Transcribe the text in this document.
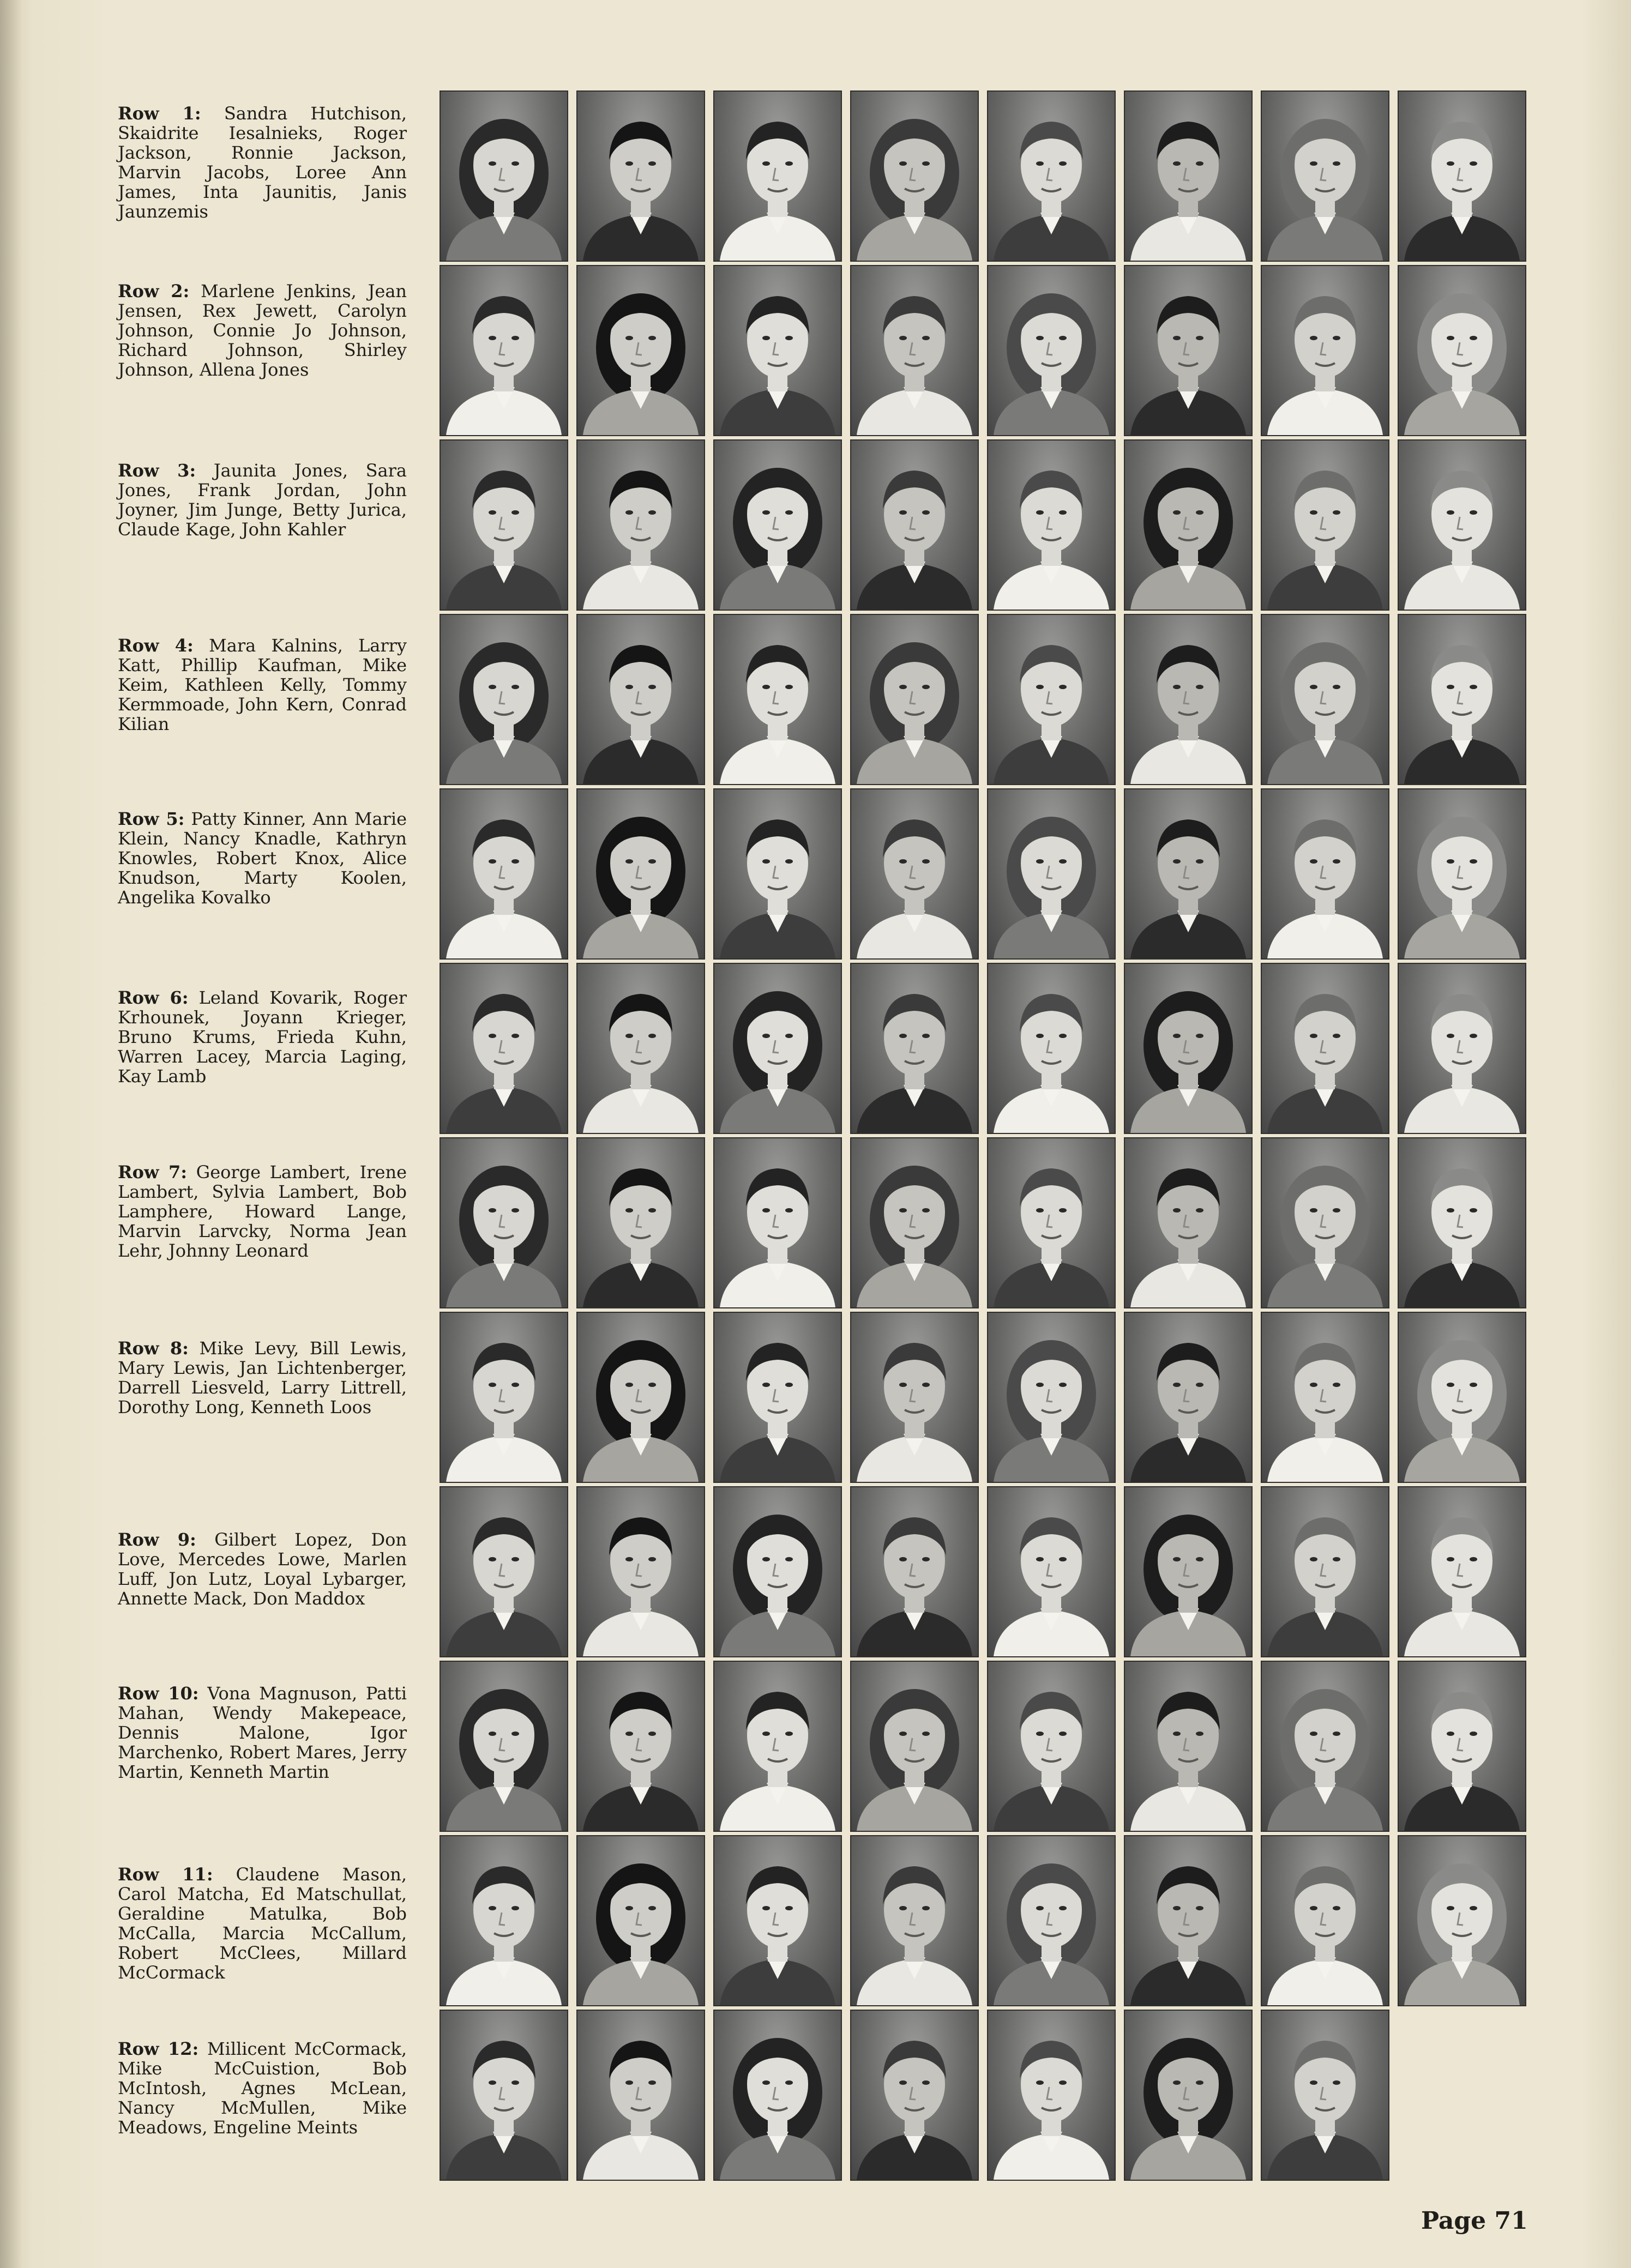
Row 1: Sandra Hutchison, Skaidrite Iesalnieks, Roger Jackson, Ronnie Jackson, Marvin Jacobs, Loree Ann James, Inta Jaunitis, Janis Jaunzemis
Row 2: Marlene Jenkins, Jean Jensen, Rex Jewett, Carolyn Johnson, Connie Jo Johnson, Richard Johnson, Shirley Johnson, Allena Jones
Row 3: Jaunita Jones, Sara Jones, Frank Jordan, John Joyner, Jim Junge, Betty Jurica, Claude Kage, John Kahler
Row 4: Mara Kalnins, Larry Katt, Phillip Kaufman, Mike Keim, Kathleen Kelly, Tommy Kermmoade, John Kern, Conrad Kilian
Row 5: Patty Kinner, Ann Marie Klein, Nancy Knadle, Kathryn Knowles, Robert Knox, Alice Knudson, Marty Koolen, Angelika Kovalko
Row 6: Leland Kovarik, Roger Krhounek, Joyann Krieger, Bruno Krums, Frieda Kuhn, Warren Lacey, Marcia Laging, Kay Lamb
Row 7: George Lambert, Irene Lambert, Sylvia Lambert, Bob Lamphere, Howard Lange, Marvin Larvcky, Norma Jean Lehr, Johnny Leonard
Row 8: Mike Levy, Bill Lewis, Mary Lewis, Jan Lichtenberger, Darrell Liesveld, Larry Littrell, Dorothy Long, Kenneth Loos
Row 9: Gilbert Lopez, Don Love, Mercedes Lowe, Marlen Luff, Jon Lutz, Loyal Lybarger, Annette Mack, Don Maddox
Row 10: Vona Magnuson, Patti Mahan, Wendy Makepeace, Dennis Malone, Igor Marchenko, Robert Mares, Jerry Martin, Kenneth Martin
Row 11: Claudene Mason, Carol Matcha, Ed Matschullat, Geraldine Matulka, Bob McCalla, Marcia McCallum, Robert McClees, Millard McCormack
Row 12: Millicent McCormack, Mike McCuistion, Bob McIntosh, Agnes McLean, Nancy McMullen, Mike Meadows, Engeline Meints
Page 71
